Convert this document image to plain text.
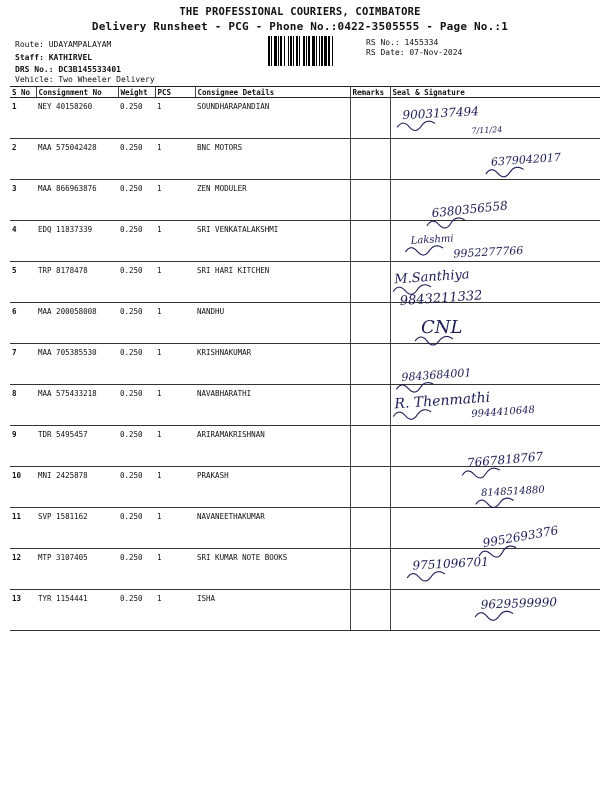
THE PROFESSIONAL COURIERS, COIMBATORE
Delivery Runsheet - PCG - Phone No.:0422-3505555 - Page No.:1
Route: UDAYAMPALAYAM
Staff: KATHIRVEL
DRS No.: DC3B145533401
Vehicle: Two Wheeler Delivery
RS No.: 1455334
RS Date: 07-Nov-2024
S No	Consignment No	Weight	PCS	Consignee Details	Remarks	Seal & Signature
1	NEY 40158260	0.250	1	SOUNDHARAPANDIAN		9003137494
7/11/24

2	MAA 575042428	0.250	1	BNC MOTORS		6379042017

3	MAA 866963876	0.250	1	ZEN MODULER		6380356558

4	EDQ 11837339	0.250	1	SRI VENKATALAKSHMI		Lakshmi
9952277766

5	TRP 8178478	0.250	1	SRI HARI KITCHEN		M.Santhiya
9843211332

6	MAA 200058008	0.250	1	NANDHU		CNL

7	MAA 705385530	0.250	1	KRISHNAKUMAR		9843684001

8	MAA 575433218	0.250	1	NAVABHARATHI		R. Thenmathi
9944410648

9	TDR 5495457	0.250	1	ARIRAMAKRISHNAN		7667818767

10	MNI 2425878	0.250	1	PRAKASH		8148514880

11	SVP 1581162	0.250	1	NAVANEETHAKUMAR		9952693376

12	MTP 3107405	0.250	1	SRI KUMAR NOTE BOOKS		9751096701

13	TYR 1154441	0.250	1	ISHA		9629599990
